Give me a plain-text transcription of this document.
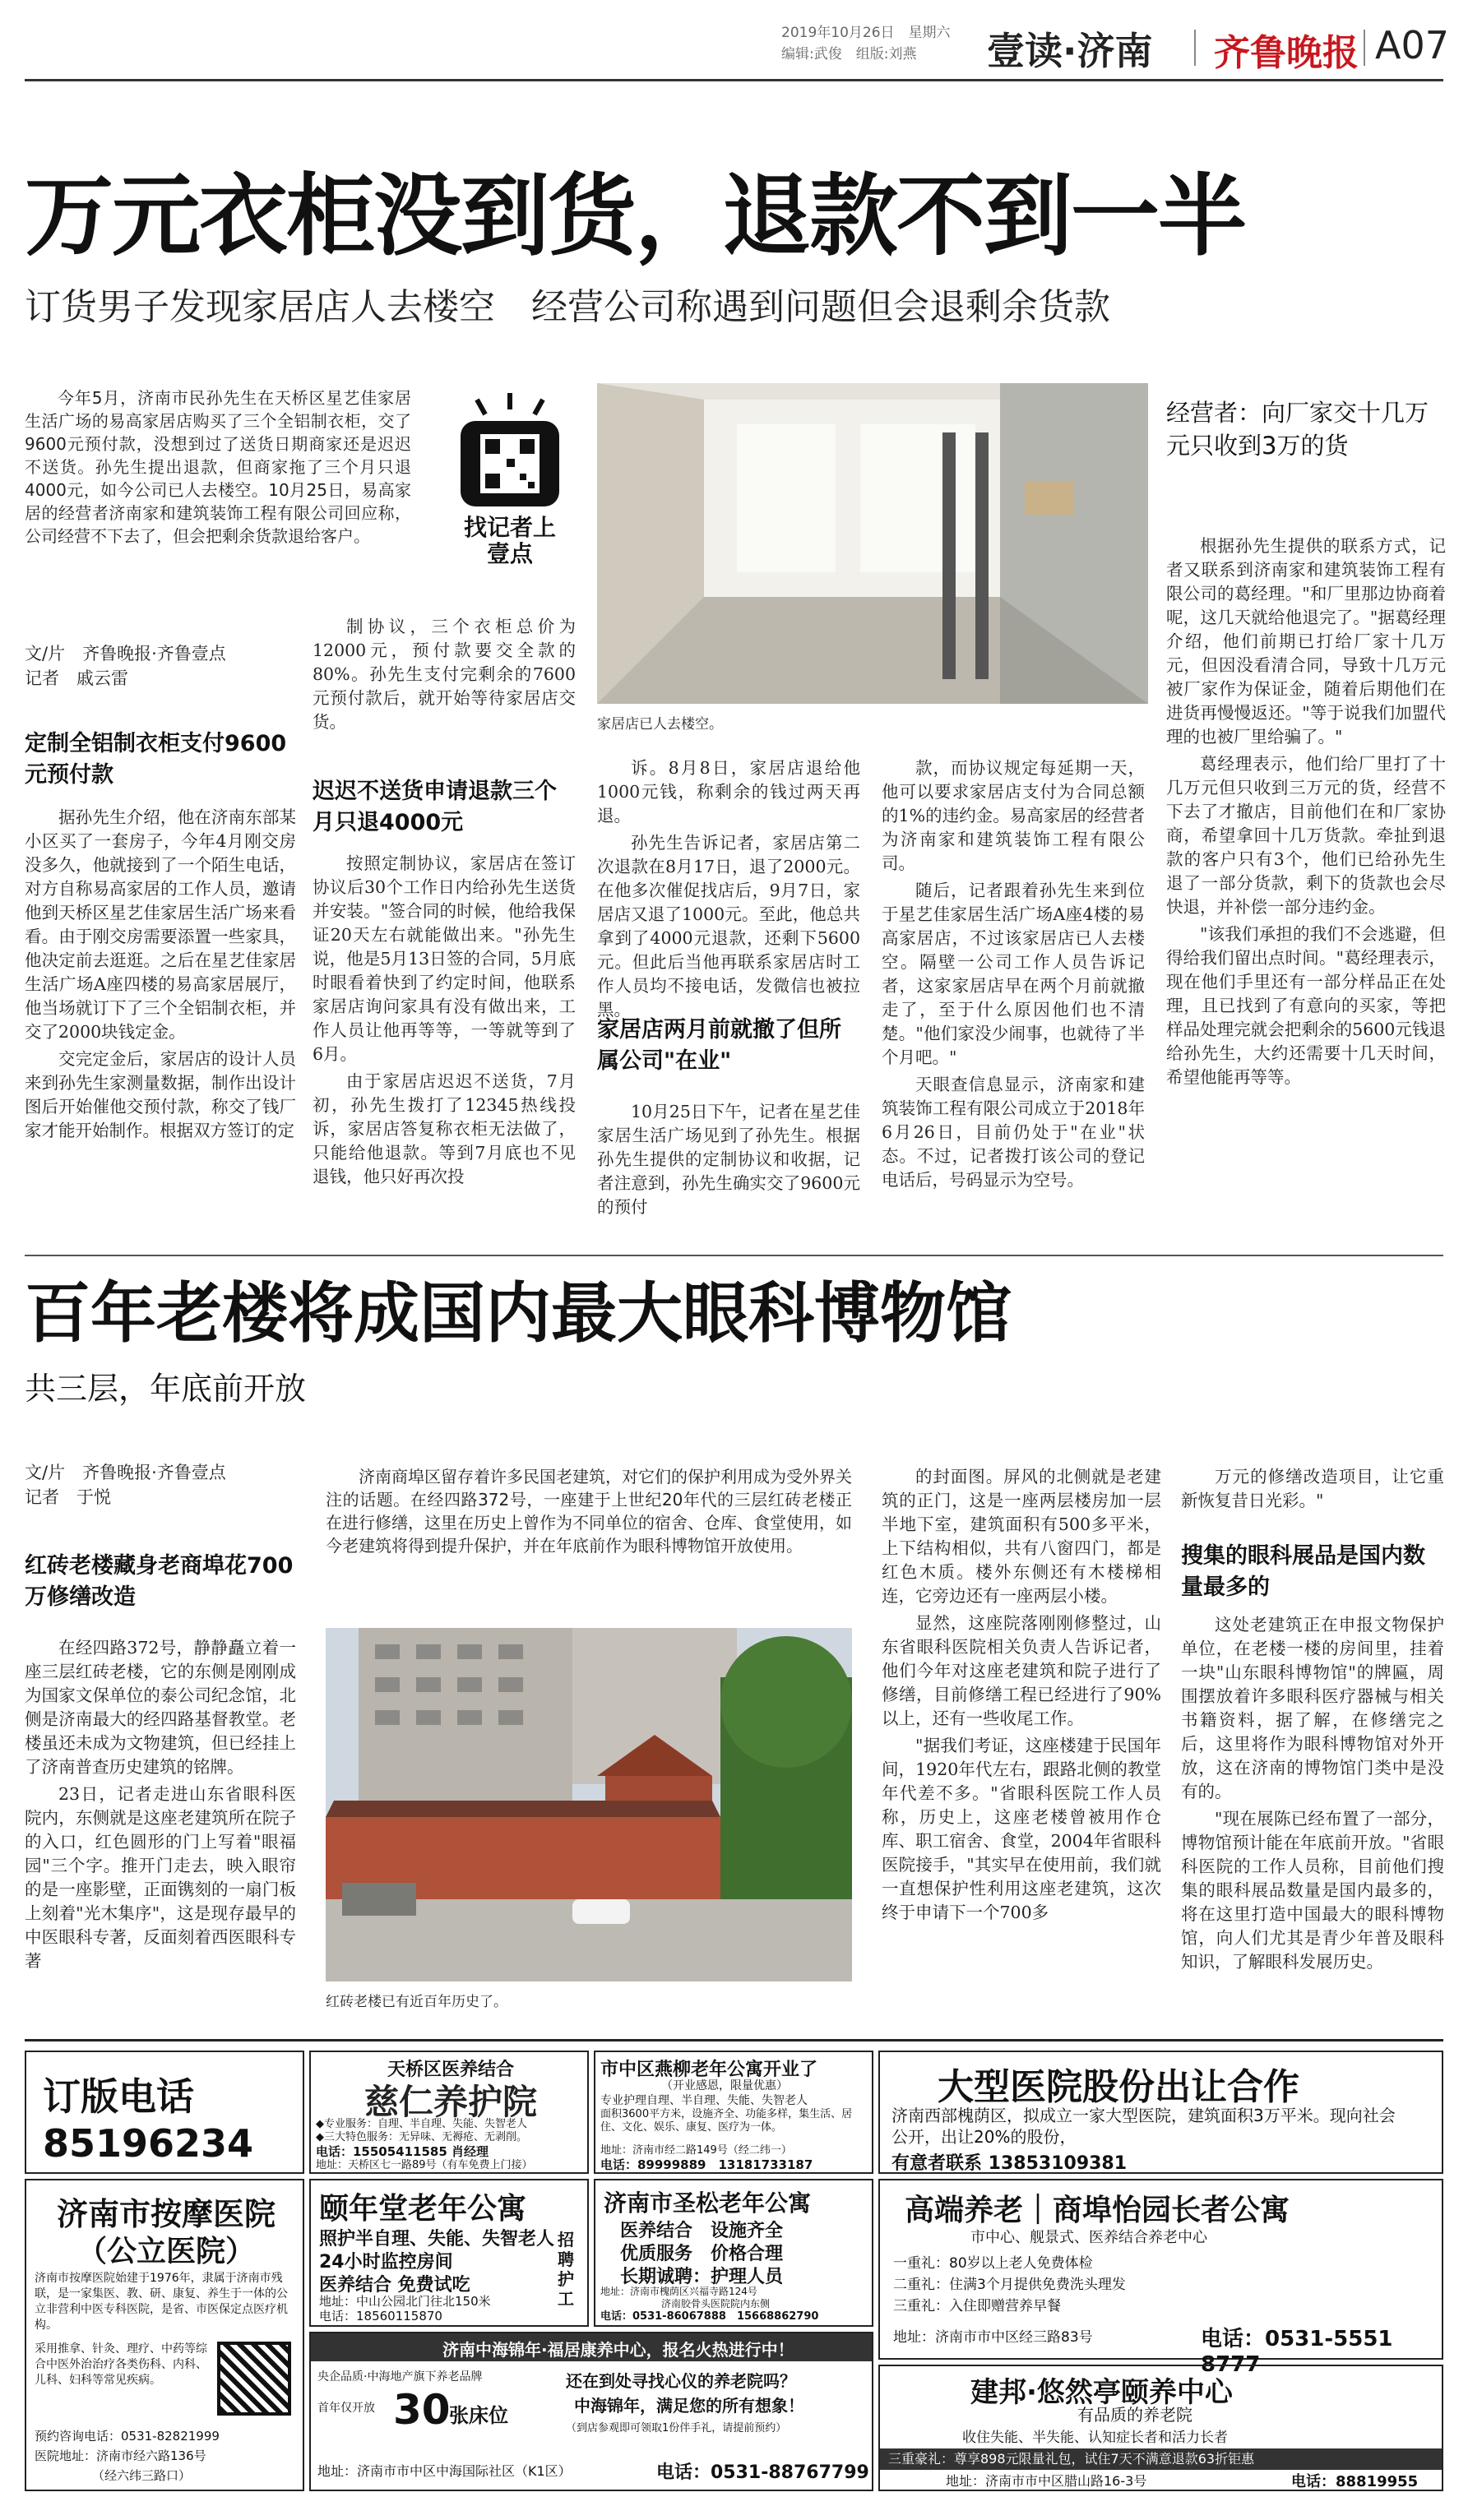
2019年10月26日　星期六
编辑:武俊　组版:刘燕 壹读·济南 齐鲁晚报 A07
万元衣柜没到货，退款不到一半
订货男子发现家居店人去楼空　经营公司称遇到问题但会退剩余货款

今年5月，济南市民孙先生在天桥区星艺佳家居生活广场的易高家居店购买了三个全铝制衣柜，交了9600元预付款，没想到过了送货日期商家还是迟迟不送货。孙先生提出退款，但商家拖了三个月只退4000元，如今公司已人去楼空。10月25日，易高家居的经营者济南家和建筑装饰工程有限公司回应称，公司经营不下去了，但会把剩余货款退给客户。	找记者上壹点
家居店已人去楼空。
文/片　齐鲁晚报·齐鲁壹点
记者　戚云雷
定制全铝制衣柜支付9600元预付款

据孙先生介绍，他在济南东部某小区买了一套房子，今年4月刚交房没多久，他就接到了一个陌生电话，对方自称易高家居的工作人员，邀请他到天桥区星艺佳家居生活广场来看看。由于刚交房需要添置一些家具，他决定前去逛逛。之后在星艺佳家居生活广场A座四楼的易高家居展厅，他当场就订下了三个全铝制衣柜，并交了2000块钱定金。

交完定金后，家居店的设计人员来到孙先生家测量数据，制作出设计图后开始催他交预付款，称交了钱厂家才能开始制作。根据双方签订的定

制协议，三个衣柜总价为12000元，预付款要交全款的80%。孙先生支付完剩余的7600元预付款后，就开始等待家居店交货。

迟迟不送货申请退款三个月只退4000元

按照定制协议，家居店在签订协议后30个工作日内给孙先生送货并安装。"签合同的时候，他给我保证20天左右就能做出来。"孙先生说，他是5月13日签的合同，5月底时眼看着快到了约定时间，他联系家居店询问家具有没有做出来，工作人员让他再等等，一等就等到了6月。

由于家居店迟迟不送货，7月初，孙先生拨打了12345热线投诉，家居店答复称衣柜无法做了，只能给他退款。等到7月底也不见退钱，他只好再次投

诉。8月8日，家居店退给他1000元钱，称剩余的钱过两天再退。

孙先生告诉记者，家居店第二次退款在8月17日，退了2000元。在他多次催促找店后，9月7日，家居店又退了1000元。至此，他总共拿到了4000元退款，还剩下5600元。但此后当他再联系家居店时工作人员均不接电话，发微信也被拉黑。

家居店两月前就撤了但所属公司"在业"

10月25日下午，记者在星艺佳家居生活广场见到了孙先生。根据孙先生提供的定制协议和收据，记者注意到，孙先生确实交了9600元的预付

款，而协议规定每延期一天，他可以要求家居店支付为合同总额的1%的违约金。易高家居的经营者为济南家和建筑装饰工程有限公司。

随后，记者跟着孙先生来到位于星艺佳家居生活广场A座4楼的易高家居店，不过该家居店已人去楼空。隔壁一公司工作人员告诉记者，这家家居店早在两个月前就撤走了，至于什么原因他们也不清楚。"他们家没少闹事，也就待了半个月吧。"

天眼查信息显示，济南家和建筑装饰工程有限公司成立于2018年6月26日，目前仍处于"在业"状态。不过，记者拨打该公司的登记电话后，号码显示为空号。

经营者：向厂家交十几万元只收到3万的货

根据孙先生提供的联系方式，记者又联系到济南家和建筑装饰工程有限公司的葛经理。"和厂里那边协商着呢，这几天就给他退完了。"据葛经理介绍，他们前期已打给厂家十几万元，但因没看清合同，导致十几万元被厂家作为保证金，随着后期他们在进货再慢慢返还。"等于说我们加盟代理的也被厂里给骗了。"

葛经理表示，他们给厂里打了十几万元但只收到三万元的货，经营不下去了才撤店，目前他们在和厂家协商，希望拿回十几万货款。牵扯到退款的客户只有3个，他们已给孙先生退了一部分货款，剩下的货款也会尽快退，并补偿一部分违约金。

"该我们承担的我们不会逃避，但得给我们留出点时间。"葛经理表示，现在他们手里还有一部分样品正在处理，且已找到了有意向的买家，等把样品处理完就会把剩余的5600元钱退给孙先生，大约还需要十几天时间，希望他能再等等。

百年老楼将成国内最大眼科博物馆
共三层，年底前开放
文/片　齐鲁晚报·齐鲁壹点
记者　于悦
红砖老楼藏身老商埠花700万修缮改造

在经四路372号，静静矗立着一座三层红砖老楼，它的东侧是刚刚成为国家文保单位的泰公司纪念馆，北侧是济南最大的经四路基督教堂。老楼虽还未成为文物建筑，但已经挂上了济南普查历史建筑的铭牌。

23日，记者走进山东省眼科医院内，东侧就是这座老建筑所在院子的入口，红色圆形的门上写着"眼福园"三个字。推开门走去，映入眼帘的是一座影壁，正面镌刻的一扇门板上刻着"光木集序"，这是现存最早的中医眼科专著，反面刻着西医眼科专著

济南商埠区留存着许多民国老建筑，对它们的保护利用成为受外界关注的话题。在经四路372号，一座建于上世纪20年代的三层红砖老楼正在进行修缮，这里在历史上曾作为不同单位的宿舍、仓库、食堂使用，如今老建筑将得到提升保护，并在年底前作为眼科博物馆开放使用。

红砖老楼已有近百年历史了。

的封面图。屏风的北侧就是老建筑的正门，这是一座两层楼房加一层半地下室，建筑面积有500多平米，上下结构相似，共有八窗四门，都是红色木质。楼外东侧还有木楼梯相连，它旁边还有一座两层小楼。

显然，这座院落刚刚修整过，山东省眼科医院相关负责人告诉记者，他们今年对这座老建筑和院子进行了修缮，目前修缮工程已经进行了90%以上，还有一些收尾工作。

"据我们考证，这座楼建于民国年间，1920年代左右，跟路北侧的教堂年代差不多。"省眼科医院工作人员称，历史上，这座老楼曾被用作仓库、职工宿舍、食堂，2004年省眼科医院接手，"其实早在使用前，我们就一直想保护性利用这座老建筑，这次终于申请下一个700多

万元的修缮改造项目，让它重新恢复昔日光彩。"

搜集的眼科展品是国内数量最多的

这处老建筑正在申报文物保护单位，在老楼一楼的房间里，挂着一块"山东眼科博物馆"的牌匾，周围摆放着许多眼科医疗器械与相关书籍资料，据了解，在修缮完之后，这里将作为眼科博物馆对外开放，这在济南的博物馆门类中是没有的。

"现在展陈已经布置了一部分，博物馆预计能在年底前开放。"省眼科医院的工作人员称，目前他们搜集的眼科展品数量是国内最多的，将在这里打造中国最大的眼科博物馆，向人们尤其是青少年普及眼科知识，了解眼科发展历史。

订版电话
85196234
天桥区医养结合
慈仁养护院
◆专业服务：自理、半自理、失能、失智老人
◆三大特色服务：无异味、无褥疮、无剥削。
电话：15505411585 肖经理
地址：天桥区七一路89号（有车免费上门接）
市中区燕柳老年公寓开业了
（开业感恩，限量优惠）
专业护理自理、半自理、失能、失智老人
面积3600平方米，设施齐全、功能多样，集生活、居住、文化、娱乐、康复、医疗为一体。
地址：济南市经二路149号（经二纬一）
电话：89999889　13181733187
大型医院股份出让合作
济南西部槐荫区，拟成立一家大型医院，建筑面积3万平米。现向社会公开，出让20%的股份，
有意者联系 13853109381
济南市按摩医院
（公立医院）
济南市按摩医院始建于1976年，隶属于济南市残联，是一家集医、教、研、康复、养生于一体的公立非营利中医专科医院，是省、市医保定点医疗机构。
采用推拿、针灸、理疗、中药等综合中医外治治疗各类伤科、内科、儿科、妇科等常见疾病。
预约咨询电话：0531-82821999
医院地址：济南市经六路136号
（经六纬三路口）
颐年堂老年公寓
照护半自理、失能、失智老人
24小时监控房间
医养结合 免费试吃
地址：中山公园北门往北150米
电话：18560115870
招聘护工
济南市圣松老年公寓
医养结合　设施齐全
优质服务　价格合理
长期诚聘：护理人员
地址：济南市槐荫区兴福寺路124号
济南胶骨头医院院内东侧
电话：0531-86067888　15668862790
高端养老｜商埠怡园长者公寓
市中心、舰景式、医养结合养老中心
一重礼：80岁以上老人免费体检
二重礼：住满3个月提供免费洗头理发
三重礼：入住即赠营养早餐
地址：济南市市中区经三路83号	电话：0531-5551 8777
济南中海锦年·福居康养中心，报名火热进行中！
央企品质·中海地产旗下养老品牌
首年仅开放 30
张床位
还在到处寻找心仪的养老院吗？
中海锦年，满足您的所有想象！
（到店参观即可领取1份伴手礼，请提前预约）
地址：济南市市中区中海国际社区（K1区）	电话：0531-88767799
建邦·悠然亭颐养中心
有品质的养老院
收住失能、半失能、认知症长者和活力长者
三重豪礼：尊享898元限量礼包，试住7天不满意退款63折钜惠
地址：济南市市中区腊山路16-3号	电话：88819955
